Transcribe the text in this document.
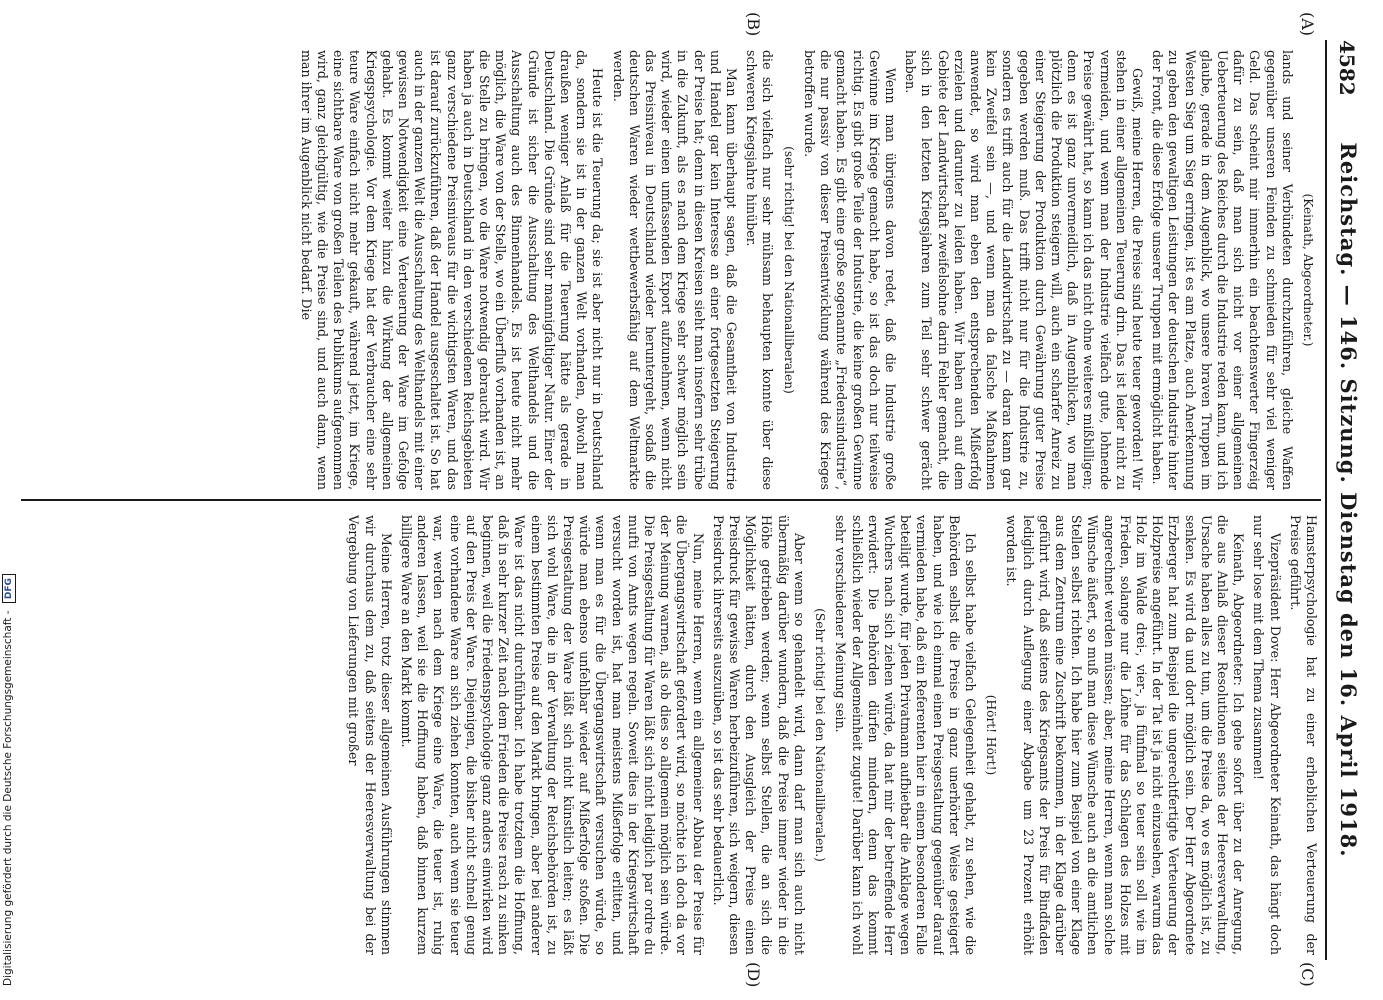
4582
Reichstag. — 146. Sitzung. Dienstag den 16. April 1918.
(A)
(B)
(C)
(D)

(Keinath, Abgeordneter.)

lands und seiner Verbündeten durchzuführen, gleiche Waffen gegenüber unseren Feinden zu schmieden für sehr viel weniger Geld. Das scheint mir immerhin ein beachtenswerter Fingerzeig dafür zu sein, daß man sich nicht vor einer allgemeinen Ueberteuerung des Reiches durch die Industrie reden kann, und ich glaube, gerade in dem Augenblick, wo unsere braven Truppen im Westen Sieg um Sieg erringen, ist es am Platze, auch Anerkennung zu geben den gewaltigen Leistungen der deutschen Industrie hinter der Front, die diese Erfolge unserer Truppen mit ermöglicht haben.

Gewiß, meine Herren, die Preise sind heute teuer geworden! Wir stehen in einer allgemeinen Teuerung drin. Das ist leider nicht zu vermeiden, und wenn man der Industrie vielfach gute, lohnende Preise gewährt hat, so kann ich das nicht ohne weiteres mißbilligen; denn es ist ganz unvermeidlich, daß in Augenblicken, wo man plötzlich die Produktion steigern will, auch ein scharfer Anreiz zu einer Steigerung der Produktion durch Gewährung guter Preise gegeben werden muß. Das trifft nicht nur für die Industrie zu, sondern es trifft auch für die Landwirtschaft zu — daran kann gar kein Zweifel sein —, und wenn man da falsche Maßnahmen anwendet, so wird man eben den entsprechenden Mißerfolg erzielen und darunter zu leiden haben. Wir haben auch auf dem Gebiete der Landwirtschaft zweifelsohne darin Fehler gemacht, die sich in den letzten Kriegsjahren zum Teil sehr schwer gerächt haben.

Wenn man übrigens davon redet, daß die Industrie große Gewinne im Kriege gemacht habe, so ist das doch nur teilweise richtig. Es gibt große Teile der Industrie, die keine großen Gewinne gemacht haben. Es gibt eine große sogenannte „Friedensindustrie“, die nur passiv von dieser Preisentwicklung während des Krieges betroffen wurde.

(sehr richtig! bei den Nationalliberalen)

die sich vielfach nur sehr mühsam behaupten konnte über diese schweren Kriegsjahre hinüber.

Man kann überhaupt sagen, daß die Gesamtheit von Industrie und Handel gar kein Interesse an einer fortgesetzten Steigerung der Preise hat; denn in diesen Kreisen sieht man insofern sehr trübe in die Zukunft, als es nach dem Kriege sehr schwer möglich sein wird, wieder einen umfassenden Export aufzunehmen, wenn nicht das Preisniveau in Deutschland wieder heruntergeht, sodaß die deutschen Waren wieder wettbewerbsfähig auf dem Weltmarkte werden.

Heute ist die Teuerung da; sie ist aber nicht nur in Deutschland da, sondern sie ist in der ganzen Welt vorhanden, obwohl man draußen weniger Anlaß für die Teuerung hätte als gerade in Deutschland. Die Gründe sind sehr mannigfaltiger Natur. Einer der Gründe ist sicher die Ausschaltung des Welthandels und die Ausschaltung auch des Binnenhandels. Es ist heute nicht mehr möglich, die Ware von der Stelle, wo ein Überfluß vorhanden ist, an die Stelle zu bringen, wo die Ware notwendig gebraucht wird. Wir haben ja auch in Deutschland in den verschiedenen Reichsgebieten ganz verschiedene Preisniveaus für die wichtigsten Waren, und das ist darauf zurückzuführen, daß der Handel ausgeschaltet ist. So hat auch in der ganzen Welt die Ausschaltung des Welthandels mit einer gewissen Notwendigkeit eine Verteuerung der Ware im Gefolge gehabt. Es kommt weiter hinzu die Wirkung der allgemeinen Kriegspsychologie. Vor dem Kriege hat der Verbraucher eine sehr teure Ware einfach nicht mehr gekauft, während jetzt, im Kriege, eine sichtbare Ware von großen Teilen des Publikums aufgenommen wird, ganz gleichgültig, wie die Preise sind, und auch dann, wenn man ihrer im Augenblick nicht bedarf. Die

Hamsterpsychologie hat zu einer erheblichen Verteuerung der Preise geführt.

Vizepräsident Dove: Herr Abgeordneter Keinath, das hängt doch nur sehr lose mit dem Thema zusammen!

Keinath, Abgeordneter: Ich gehe sofort über zu der Anregung, die aus Anlaß dieser Resolutionen seitens der Heeresverwaltung, Ursache haben alles zu tun, um die Preise da, wo es möglich ist, zu senken. Es wird da und dort möglich sein. Der Herr Abgeordnete Erzberger hat zum Beispiel die ungerechtfertigte Verteuerung der Holzpreise angeführt. In der Tat ist ja nicht einzusehen, warum das Holz im Walde drei-, vier-, ja fünfmal so teuer sein soll wie im Frieden, solange nur die Löhne für das Schlagen des Holzes mit angerechnet werden müssen; aber, meine Herren, wenn man solche Wünsche äußert, so muß man diese Wünsche auch an die amtlichen Stellen selbst richten. Ich habe hier zum Beispiel von einer Klage aus dem Zentrum eine Zuschrift bekommen, in der Klage darüber geführt wird, daß seitens des Kriegsamts der Preis für Bindfaden lediglich durch Auflegung einer Abgabe um 23 Prozent erhöht worden ist.

(Hört! Hört!)

Ich selbst habe vielfach Gelegenheit gehabt, zu sehen, wie die Behörden selbst die Preise in ganz unerhörter Weise gesteigert haben, und wie ich einmal einen Preisgestaltung gegenüber darauf vermieden habe, daß ein Referenten hier in einem besonderen Falle beteiligt wurde, für jeden Privatmann aufbietbar die Anklage wegen Wuchers nach sich ziehen würde, da hat mir der betreffende Herr erwidert: Die Behörden dürfen mindern, denn das kommt schließlich wieder der Allgemeinheit zugute! Darüber kann ich wohl sehr verschiedener Meinung sein.

(Sehr richtig! bei den Nationalliberalen.)

Aber wenn so gehandelt wird, dann darf man sich auch nicht übermäßig darüber wundern, daß die Preise immer wieder in die Höhe getrieben werden; wenn selbst Stellen, die an sich die Möglichkeit hätten, durch den Ausgleich der Preise einen Preisdruck für gewisse Waren herbeizuführen, sich weigern, diesen Preisdruck ihrerseits auszuüben, so ist das sehr bedauerlich.

Nun, meine Herren, wenn ein allgemeiner Abbau der Preise für die Übergangswirtschaft gefordert wird, so möchte ich doch da vor der Meinung warnen, als ob dies so allgemein möglich sein würde. Die Preisgestaltung für Waren läßt sich nicht lediglich par ordre du mufti von Amts wegen regeln. Soweit dies in der Kriegswirtschaft versucht worden ist, hat man meistens Mißerfolge erlitten, und wenn man es für die Übergangswirtschaft versuchen würde, so würde man ebenso unfehlbar wieder auf Mißerfolge stoßen. Die Preisgestaltung der Ware läßt sich nicht künstlich leiten; es läßt sich wohl Ware, die in der Verwaltung der Reichsbehörden ist, zu einem bestimmten Preise auf den Markt bringen, aber bei anderer Ware ist das nicht durchführbar. Ich habe trotzdem die Hoffnung, daß in sehr kurzer Zeit nach dem Frieden die Preise rasch zu sinken beginnen, weil die Friedenspsychologie ganz anders einwirken wird auf den Preis der Ware. Diejenigen, die bisher nicht schnell genug eine vorhandene Ware an sich ziehen konnten, auch wenn sie teuer war, werden nach dem Kriege eine Ware, die teuer ist, ruhig anderen lassen, weil sie die Hoffnung haben, daß binnen kurzem billigere Ware an den Markt kommt.

Meine Herren, trotz dieser allgemeinen Ausführungen stimmen wir durchaus dem zu, daß seitens der Heeresverwaltung bei der Vergebung von Lieferungen mit großer

Digitalisierung gefördert durch die Deutsche Forschungsgemeinschaft - DFG
